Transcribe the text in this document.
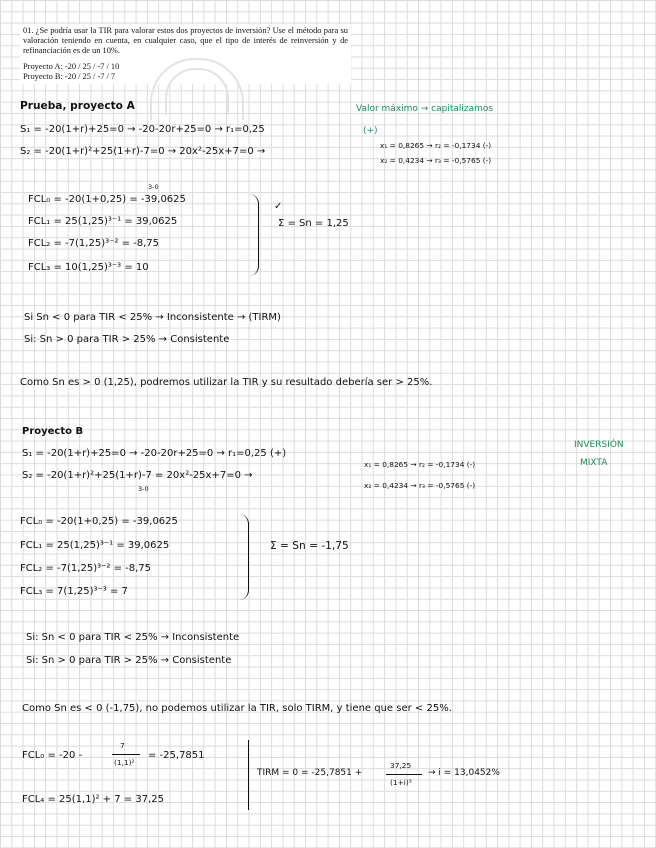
01. ¿Se podría usar la TIR para valorar estos dos proyectos de inversión? Use el método para su valoración teniendo en cuenta, en cualquier caso, que el tipo de interés de reinversión y de refinanciación es de un 10%.
Proyecto A: -20 / 25 / -7 / 10
Proyecto B: -20 / 25 / -7 / 7
Prueba, proyecto A	Valor máximo → capitalizamos
S₁ = -20(1+r)+25=0 → -20-20r+25=0 → r₁=0,25	(+)
S₂ = -20(1+r)²+25(1+r)-7=0 → 20x²-25x+7=0 →
x₁ = 0,8265 → r₂ = -0,1734 (-)
x₂ = 0,4234 → r₃ = -0,5765 (-)
3-0
FCL₀ = -20(1+0,25) = -39,0625
FCL₁ = 25(1,25)³⁻¹ = 39,0625
FCL₂ = -7(1,25)³⁻² = -8,75
FCL₃ = 10(1,25)³⁻³ = 10
✓
Σ = Sn = 1,25
Si Sn < 0 para TIR < 25% → Inconsistente → (TIRM)
Si: Sn > 0 para TIR > 25% → Consistente
Como Sn es > 0 (1,25), podremos utilizar la TIR y su resultado debería ser > 25%.
Proyecto B
INVERSIÓN
MIXTA
S₁ = -20(1+r)+25=0 → -20-20r+25=0 → r₁=0,25 (+)
S₂ = -20(1+r)²+25(1+r)-7 = 20x²-25x+7=0 →
3-0
x₁ = 0,8265 → r₂ = -0,1734 (-)
x₂ = 0,4234 → r₃ = -0,5765 (-)
FCL₀ = -20(1+0,25) = -39,0625
FCL₁ = 25(1,25)³⁻¹ = 39,0625
FCL₂ = -7(1,25)³⁻² = -8,75
FCL₃ = 7(1,25)³⁻³ = 7
Σ = Sn = -1,75
Si: Sn < 0 para TIR < 25% → Inconsistente
Si: Sn > 0 para TIR > 25% → Consistente
Como Sn es < 0 (-1,75), no podemos utilizar la TIR, solo TIRM, y tiene que ser < 25%.
FCL₀ = -20 -
7
(1,1)²
= -25,7851
FCL₄ = 25(1,1)² + 7 = 37,25
TIRM = 0 = -25,7851 +
37,25
(1+i)³
→ i = 13,0452%
